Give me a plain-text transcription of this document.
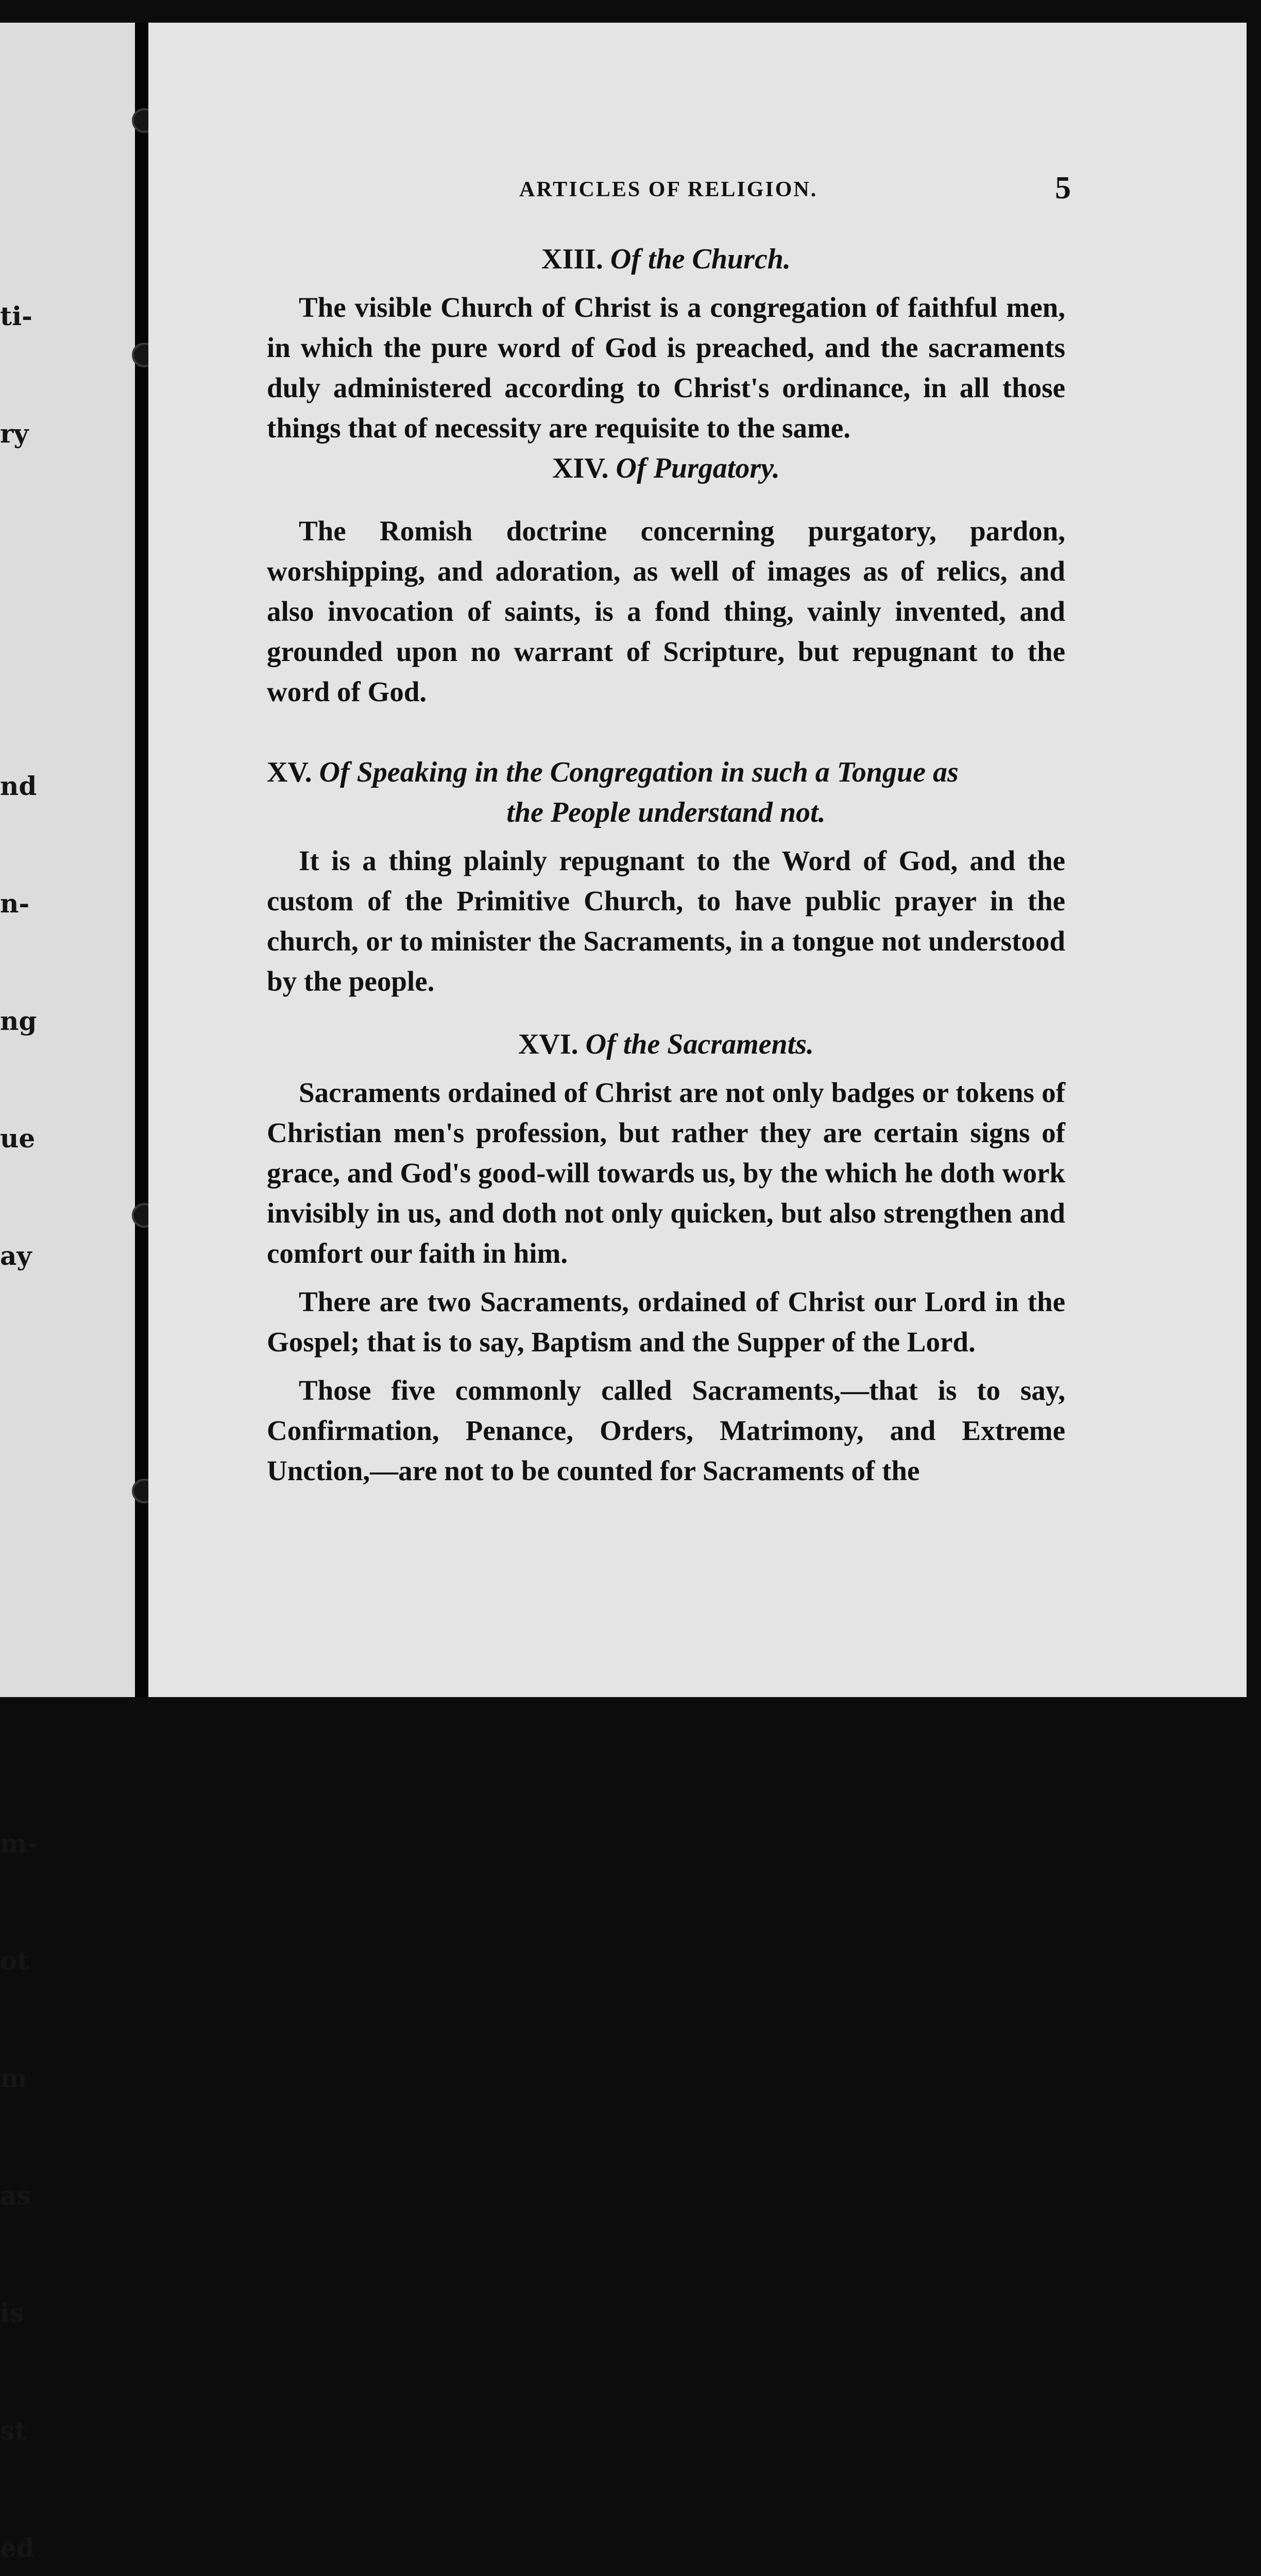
ti-

ry

nd

n-

ng

ue

ay

m-

ot

m

as

is

st

ed

ARTICLES OF RELIGION.	5
XIII. Of the Church.

The visible Church of Christ is a congregation of faithful men, in which the pure word of God is preached, and the sacraments duly administered according to Christ's ordinance, in all those things that of necessity are requisite to the same.

XIV. Of Purgatory.

The Romish doctrine concerning purgatory, pardon, worshipping, and adoration, as well of images as of relics, and also invocation of saints, is a fond thing, vainly invented, and grounded upon no warrant of Scripture, but repugnant to the word of God.

XV. Of Speaking in the Congregation in such a Tongue as
the People understand not.

It is a thing plainly repugnant to the Word of God, and the custom of the Primitive Church, to have public prayer in the church, or to minister the Sacraments, in a tongue not understood by the people.

XVI. Of the Sacraments.

Sacraments ordained of Christ are not only badges or tokens of Christian men's profession, but rather they are certain signs of grace, and God's good-will towards us, by the which he doth work invisibly in us, and doth not only quicken, but also strengthen and comfort our faith in him.

There are two Sacraments, ordained of Christ our Lord in the Gospel; that is to say, Baptism and the Supper of the Lord.

Those five commonly called Sacraments,—that is to say, Confirmation, Penance, Orders, Matrimony, and Extreme Unction,—are not to be counted for Sacraments of the
